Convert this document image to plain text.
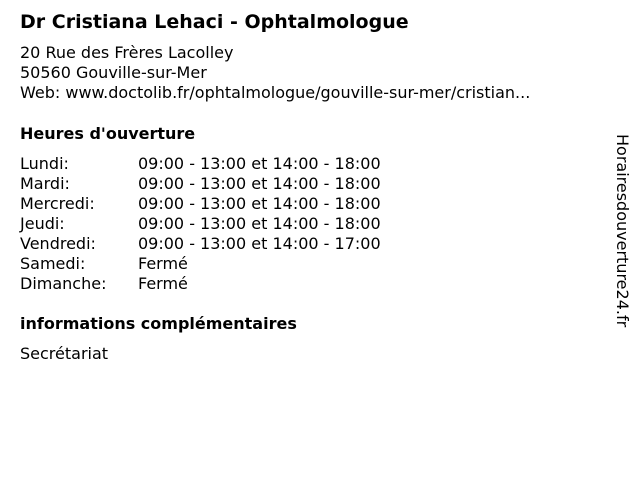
Dr Cristiana Lehaci - Ophtalmologue
20 Rue des Frères Lacolley
50560 Gouville-sur-Mer
Web: www.doctolib.fr/ophtalmologue/gouville-sur-mer/cristian...
Heures d'ouverture
Lundi:	09:00 - 13:00 et 14:00 - 18:00
Mardi:	09:00 - 13:00 et 14:00 - 18:00
Mercredi:	09:00 - 13:00 et 14:00 - 18:00
Jeudi:	09:00 - 13:00 et 14:00 - 18:00
Vendredi:	09:00 - 13:00 et 14:00 - 17:00
Samedi:	Fermé
Dimanche: Fermé
informations complémentaires
Secrétariat
Horairesdouverture24.fr
